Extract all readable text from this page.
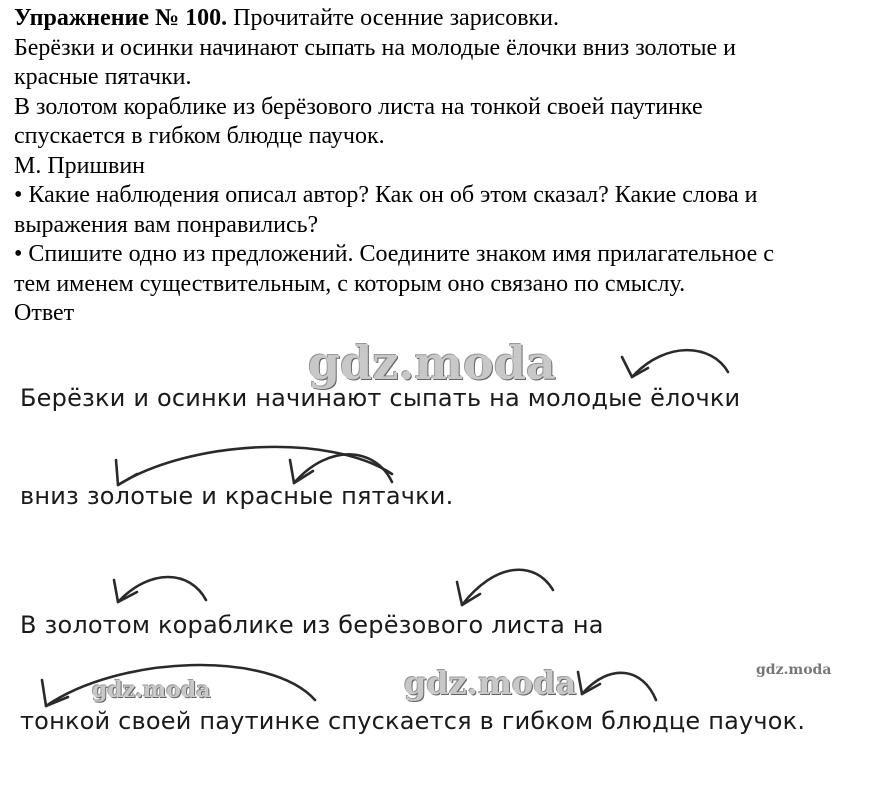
Упражнение № 100. Прочитайте осенние зарисовки.

Берёзки и осинки начинают сыпать на молодые ёлочки вниз золотые и

красные пятачки.

В золотом кораблике из берёзового листа на тонкой своей паутинке

спускается в гибком блюдце паучок.

М. Пришвин

• Какие наблюдения описал автор? Как он об этом сказал? Какие слова и

выражения вам понравились?

• Спишите одно из предложений. Соедините знаком имя прилагательное с

тем именем существительным, с которым оно связано по смыслу.

Ответ

Берёзки и осинки начинают сыпать на молодые ёлочки
вниз золотые и красные пятачки.
В золотом кораблике из берёзового листа на
тонкой своей паутинке спускается в гибком блюдце паучок.
gdz.moda
gdz.moda	gdz.moda	gdz.moda
